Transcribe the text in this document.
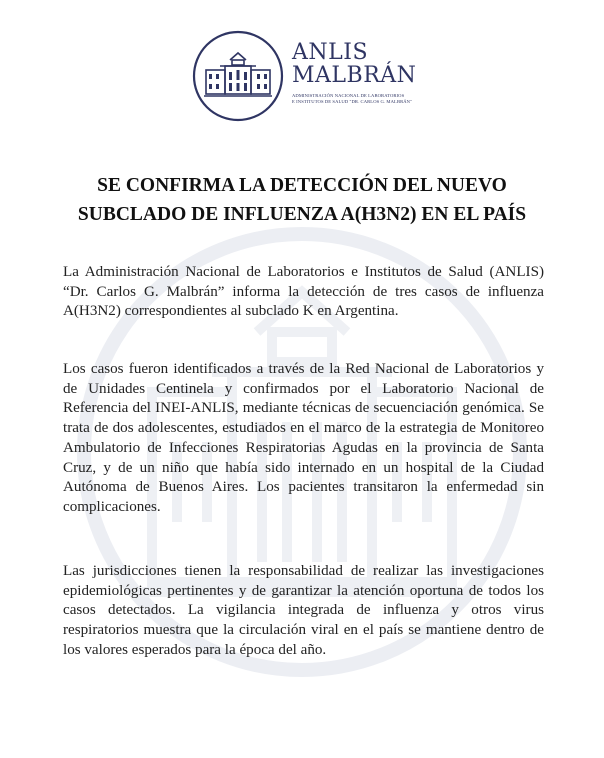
ANLIS
MALBRÁN
ADMINISTRACIÓN NACIONAL DE LABORATORIOS
E INSTITUTOS DE SALUD "DR. CARLOS G. MALBRÁN"
SE CONFIRMA LA DETECCIÓN DEL NUEVO
SUBCLADO DE INFLUENZA A(H3N2) EN EL PAÍS

La Administración Nacional de Laboratorios e Institutos de Salud (ANLIS) “Dr. Carlos G. Malbrán” informa la detección de tres casos de influenza A(H3N2) correspondientes al subclado K en Argentina.

Los casos fueron identificados a través de la Red Nacional de Laboratorios y de Unidades Centinela y confirmados por el Laboratorio Nacional de Referencia del INEI-ANLIS, mediante técnicas de secuenciación genómica. Se trata de dos adolescentes, estudiados en el marco de la estrategia de Monitoreo Ambulatorio de Infecciones Respiratorias Agudas en la provincia de Santa Cruz, y de un niño que había sido internado en un hospital de la Ciudad Autónoma de Buenos Aires. Los pacientes transitaron la enfermedad sin complicaciones.

Las jurisdicciones tienen la responsabilidad de realizar las investigaciones epidemiológicas pertinentes y de garantizar la atención oportuna de todos los casos detectados. La vigilancia integrada de influenza y otros virus respiratorios muestra que la circulación viral en el país se mantiene dentro de los valores esperados para la época del año.
